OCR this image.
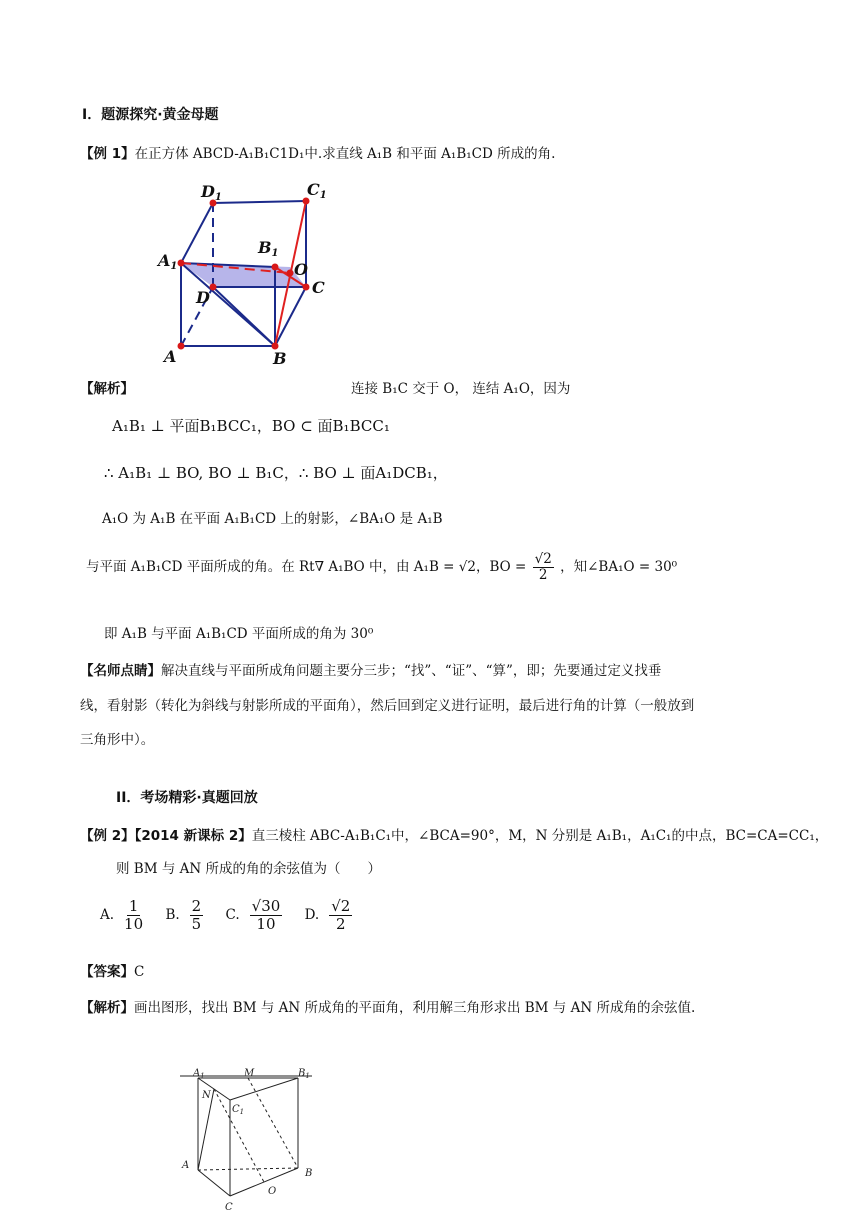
I．题源探究·黄金母题
【例 1】在正方体 ABCD-A₁B₁C1D₁中.求直线 A₁B 和平面 A₁B₁CD 所成的角.
D1	C1
B1
A1	O
D
C
A	B
【解析】	连接 B₁C 交于 O， 连结 A₁O，因为
A₁B₁ ⊥ 平面B₁BCC₁，BO ⊂ 面B₁BCC₁
∴ A₁B₁ ⊥ BO, BO ⊥ B₁C，∴ BO ⊥ 面A₁DCB₁，
A₁O 为 A₁B 在平面 A₁B₁CD 上的射影，∠BA₁O 是 A₁B
与平面 A₁B₁CD 平面所成的角。在 Rt∇ A₁BO 中，由 A₁B = √2，BO = $\frac{√2}{2}$ ，知∠BA₁O = 30⁰
即 A₁B 与平面 A₁B₁CD 平面所成的角为 30⁰
【名师点睛】解决直线与平面所成角问题主要分三步；“找”、“证”、“算”，即；先要通过定义找垂
线，看射影（转化为斜线与射影所成的平面角），然后回到定义进行证明，最后进行角的计算（一般放到
三角形中）。
II．考场精彩·真题回放
【例 2】【2014 新课标 2】直三棱柱 ABC-A₁B₁C₁中，∠BCA=90°，M，N 分别是 A₁B₁，A₁C₁的中点，BC=CA=CC₁，
则 BM 与 AN 所成的角的余弦值为（　　）
A. $\frac{1}{10}$
B. $\frac{2}{5}$
C. $\frac{√30}{10}$
D. $\frac{√2}{2}$
【答案】C
【解析】画出图形，找出 BM 与 AN 所成角的平面角，利用解三角形求出 BM 与 AN 所成角的余弦值.
$A_1$	M	$B_1$
N
$C_1$
A
B
O
C
